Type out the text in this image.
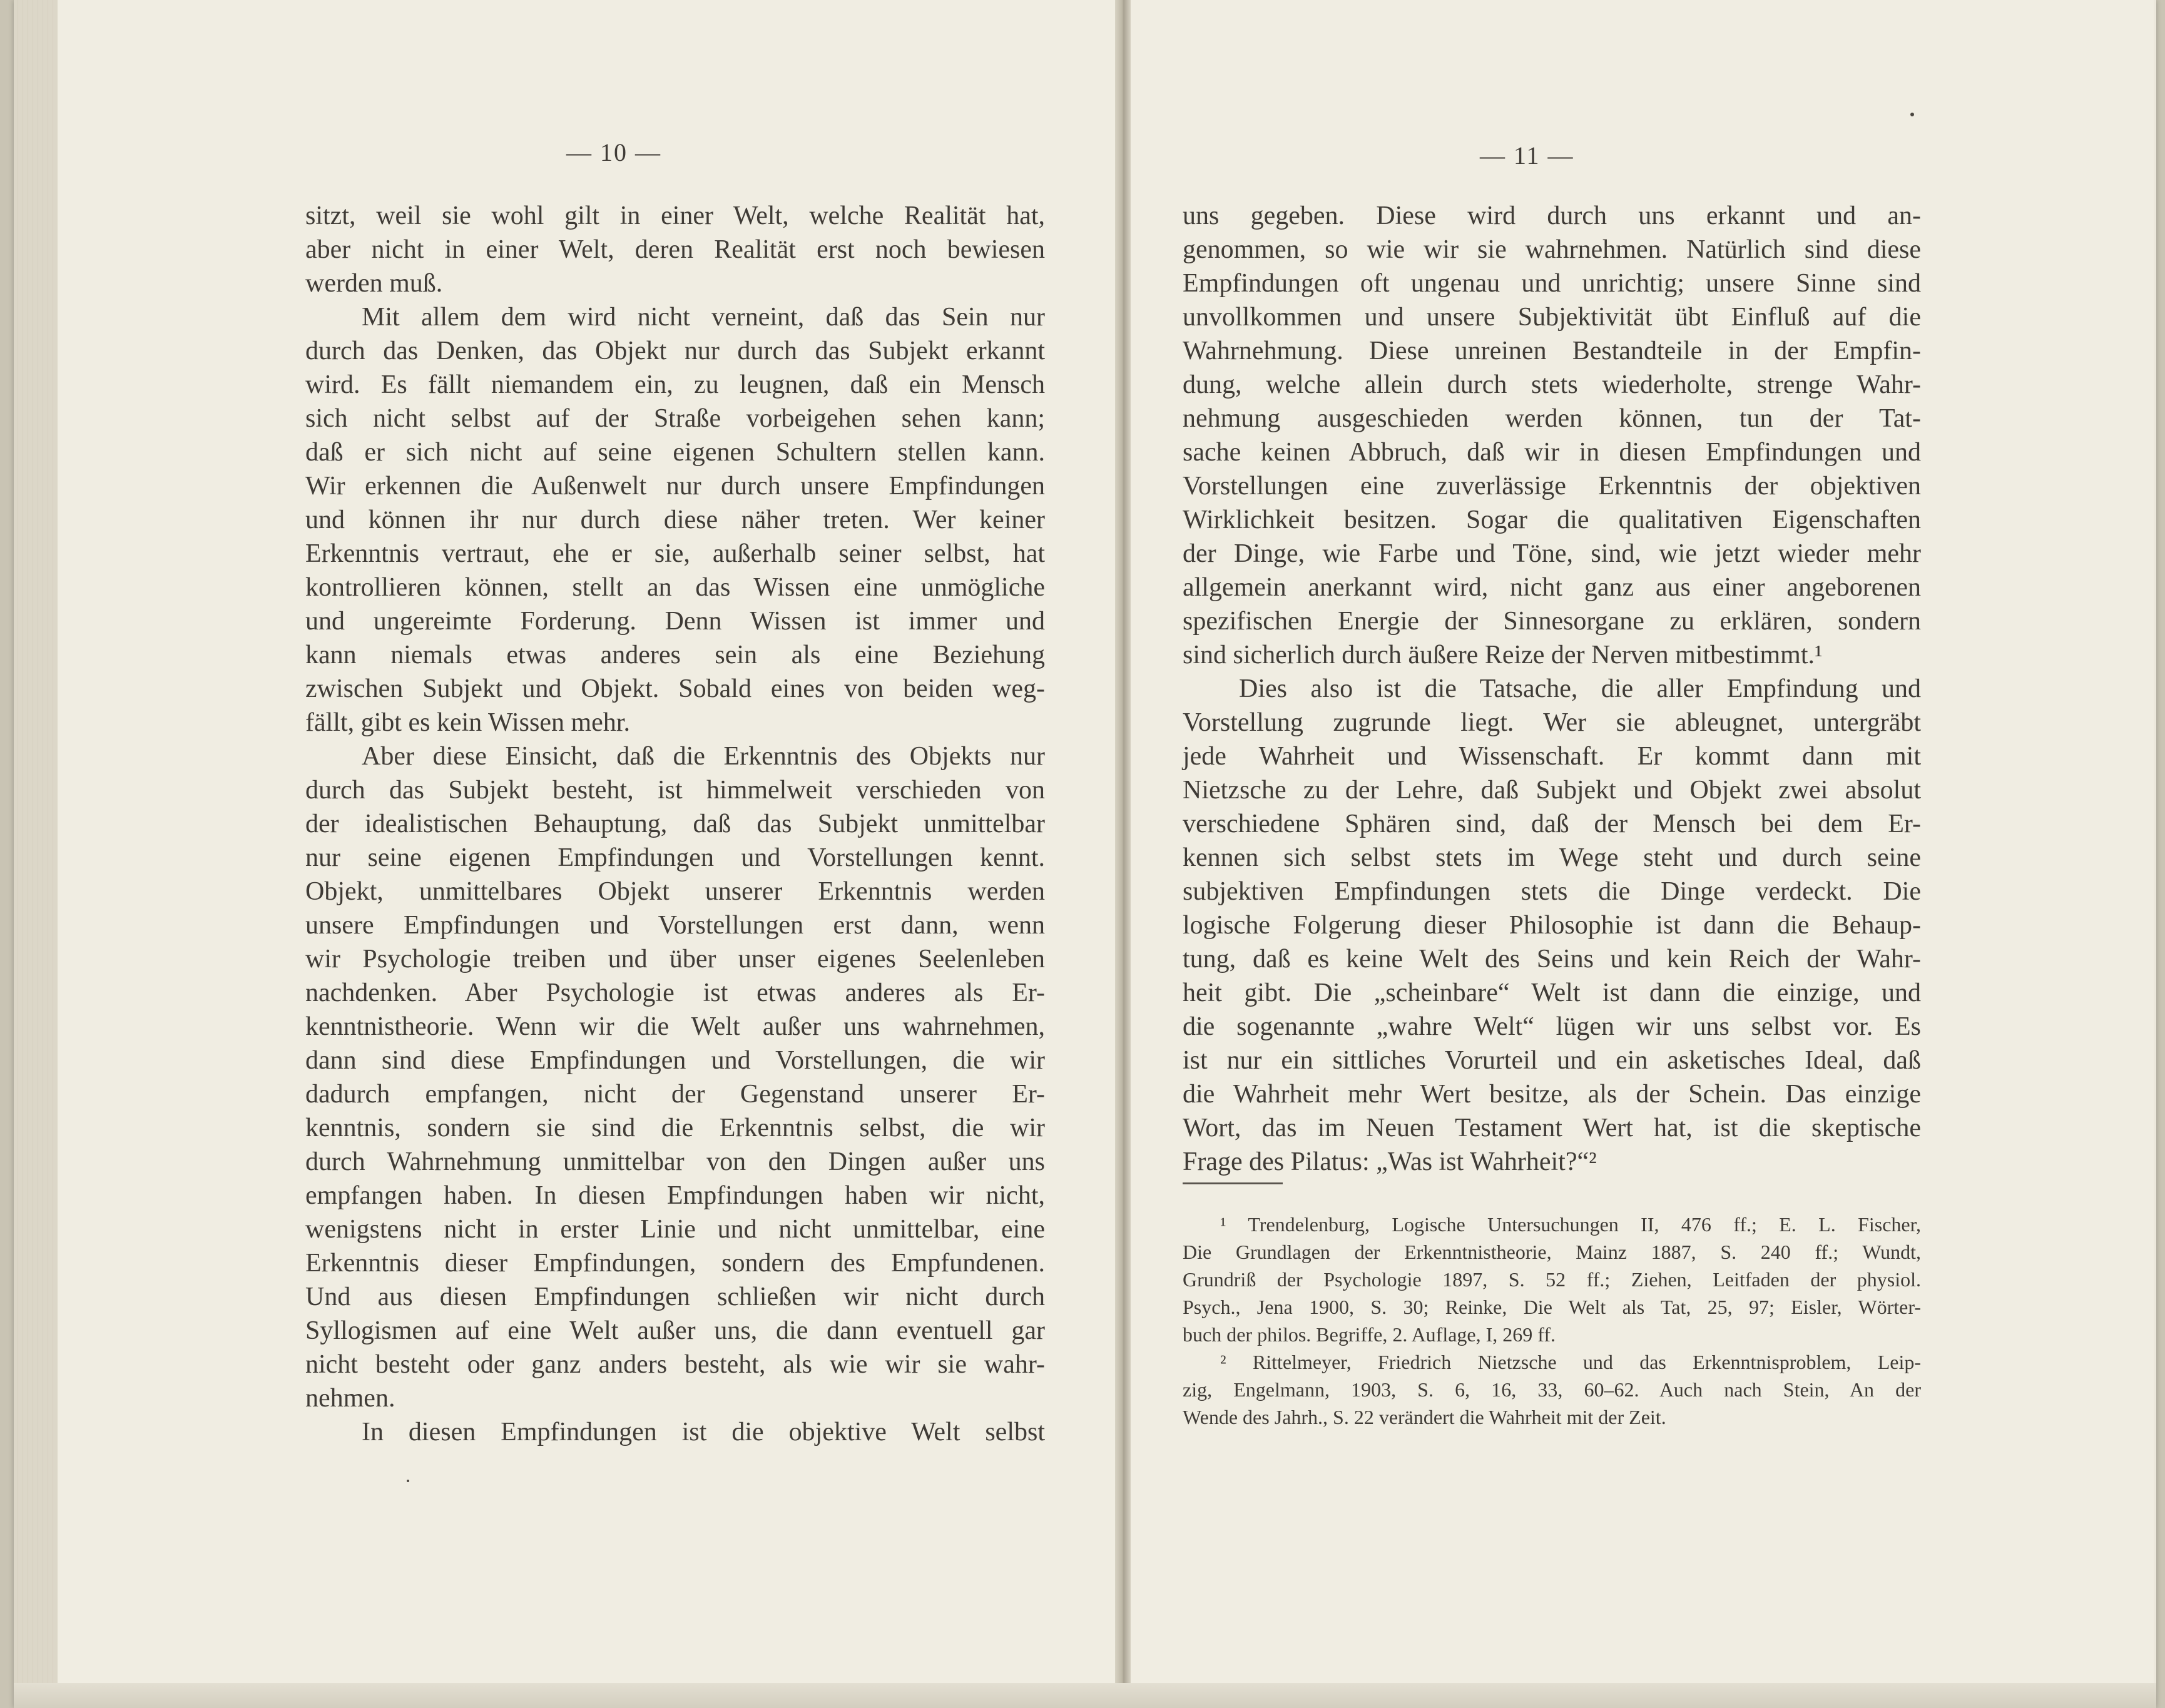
— 10 —	— 11 —
sitzt, weil sie wohl gilt in einer Welt, welche Realität hat,
aber nicht in einer Welt, deren Realität erst noch bewiesen
werden muß.
Mit allem dem wird nicht verneint, daß das Sein nur
durch das Denken, das Objekt nur durch das Subjekt erkannt
wird. Es fällt niemandem ein, zu leugnen, daß ein Mensch
sich nicht selbst auf der Straße vorbeigehen sehen kann;
daß er sich nicht auf seine eigenen Schultern stellen kann.
Wir erkennen die Außenwelt nur durch unsere Empfindungen
und können ihr nur durch diese näher treten. Wer keiner
Erkenntnis vertraut, ehe er sie, außerhalb seiner selbst, hat
kontrollieren können, stellt an das Wissen eine unmögliche
und ungereimte Forderung. Denn Wissen ist immer und
kann niemals etwas anderes sein als eine Beziehung
zwischen Subjekt und Objekt. Sobald eines von beiden weg-
fällt, gibt es kein Wissen mehr.
Aber diese Einsicht, daß die Erkenntnis des Objekts nur
durch das Subjekt besteht, ist himmelweit verschieden von
der idealistischen Behauptung, daß das Subjekt unmittelbar
nur seine eigenen Empfindungen und Vorstellungen kennt.
Objekt, unmittelbares Objekt unserer Erkenntnis werden
unsere Empfindungen und Vorstellungen erst dann, wenn
wir Psychologie treiben und über unser eigenes Seelenleben
nachdenken. Aber Psychologie ist etwas anderes als Er-
kenntnistheorie. Wenn wir die Welt außer uns wahrnehmen,
dann sind diese Empfindungen und Vorstellungen, die wir
dadurch empfangen, nicht der Gegenstand unserer Er-
kenntnis, sondern sie sind die Erkenntnis selbst, die wir
durch Wahrnehmung unmittelbar von den Dingen außer uns
empfangen haben. In diesen Empfindungen haben wir nicht,
wenigstens nicht in erster Linie und nicht unmittelbar, eine
Erkenntnis dieser Empfindungen, sondern des Empfundenen.
Und aus diesen Empfindungen schließen wir nicht durch
Syllogismen auf eine Welt außer uns, die dann eventuell gar
nicht besteht oder ganz anders besteht, als wie wir sie wahr-
nehmen.
In diesen Empfindungen ist die objektive Welt selbst
uns gegeben. Diese wird durch uns erkannt und an-
genommen, so wie wir sie wahrnehmen. Natürlich sind diese
Empfindungen oft ungenau und unrichtig; unsere Sinne sind
unvollkommen und unsere Subjektivität übt Einfluß auf die
Wahrnehmung. Diese unreinen Bestandteile in der Empfin-
dung, welche allein durch stets wiederholte, strenge Wahr-
nehmung ausgeschieden werden können, tun der Tat-
sache keinen Abbruch, daß wir in diesen Empfindungen und
Vorstellungen eine zuverlässige Erkenntnis der objektiven
Wirklichkeit besitzen. Sogar die qualitativen Eigenschaften
der Dinge, wie Farbe und Töne, sind, wie jetzt wieder mehr
allgemein anerkannt wird, nicht ganz aus einer angeborenen
spezifischen Energie der Sinnesorgane zu erklären, sondern
sind sicherlich durch äußere Reize der Nerven mitbestimmt.¹
Dies also ist die Tatsache, die aller Empfindung und
Vorstellung zugrunde liegt. Wer sie ableugnet, untergräbt
jede Wahrheit und Wissenschaft. Er kommt dann mit
Nietzsche zu der Lehre, daß Subjekt und Objekt zwei absolut
verschiedene Sphären sind, daß der Mensch bei dem Er-
kennen sich selbst stets im Wege steht und durch seine
subjektiven Empfindungen stets die Dinge verdeckt. Die
logische Folgerung dieser Philosophie ist dann die Behaup-
tung, daß es keine Welt des Seins und kein Reich der Wahr-
heit gibt. Die „scheinbare“ Welt ist dann die einzige, und
die sogenannte „wahre Welt“ lügen wir uns selbst vor. Es
ist nur ein sittliches Vorurteil und ein asketisches Ideal, daß
die Wahrheit mehr Wert besitze, als der Schein. Das einzige
Wort, das im Neuen Testament Wert hat, ist die skeptische
Frage des Pilatus: „Was ist Wahrheit?“²
¹ Trendelenburg, Logische Untersuchungen II, 476 ff.; E. L. Fischer,
Die Grundlagen der Erkenntnistheorie, Mainz 1887, S. 240 ff.; Wundt,
Grundriß der Psychologie 1897, S. 52 ff.; Ziehen, Leitfaden der physiol.
Psych., Jena 1900, S. 30; Reinke, Die Welt als Tat, 25, 97; Eisler, Wörter-
buch der philos. Begriffe, 2. Auflage, I, 269 ff.
² Rittelmeyer, Friedrich Nietzsche und das Erkenntnisproblem, Leip-
zig, Engelmann, 1903, S. 6, 16, 33, 60–62. Auch nach Stein, An der
Wende des Jahrh., S. 22 verändert die Wahrheit mit der Zeit.
